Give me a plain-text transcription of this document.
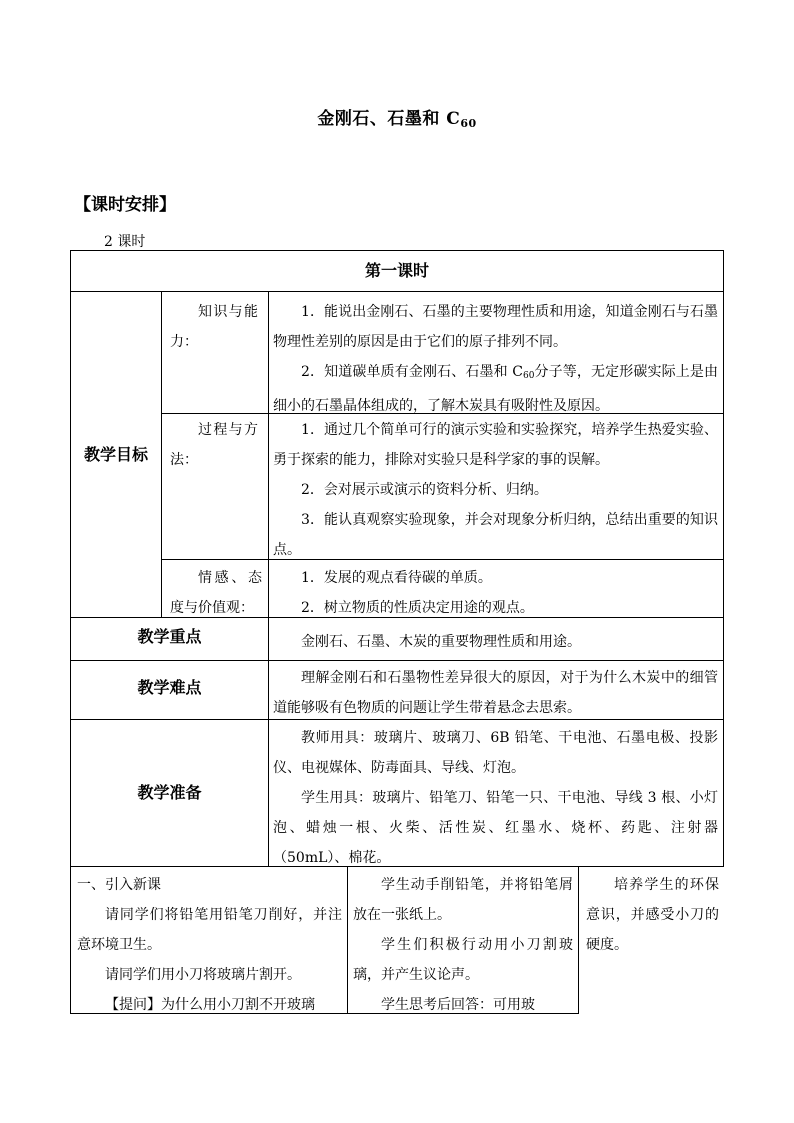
金刚石、石墨和 $C_{60}$
【课时安排】
2 课时
第一课时
教学目标
知识与能力：

1．能说出金刚石、石墨的主要物理性质和用途，知道金刚石与石墨物理性差别的原因是由于它们的原子排列不同。

2．知道碳单质有金刚石、石墨和 $C_{60}$分子等，无定形碳实际上是由细小的石墨晶体组成的，了解木炭具有吸附性及原因。

过程与方法：

1．通过几个简单可行的演示实验和实验探究，培养学生热爱实验、勇于探索的能力，排除对实验只是科学家的事的误解。

2．会对展示或演示的资料分析、归纳。

3．能认真观察实验现象，并会对现象分析归纳，总结出重要的知识点。

情感、态度与价值观：

1．发展的观点看待碳的单质。

2．树立物质的性质决定用途的观点。

教学重点	金刚石、石墨、木炭的重要物理性质和用途。
教学难点	理解金刚石和石墨物性差异很大的原因，对于为什么木炭中的细管道能够吸有色物质的问题让学生带着悬念去思索。
教学准备

教师用具：玻璃片、玻璃刀、6B 铅笔、干电池、石墨电极、投影仪、电视媒体、防毒面具、导线、灯泡。

学生用具：玻璃片、铅笔刀、铅笔一只、干电池、导线 3 根、小灯泡、蜡烛一根、火柴、活性炭、红墨水、烧杯、药匙、注射器（50mL）、棉花。

一、引入新课

请同学们将铅笔用铅笔刀削好，并注意环境卫生。

请同学们用小刀将玻璃片割开。

【提问】为什么用小刀割不开玻璃

学生动手削铅笔，并将铅笔屑放在一张纸上。

学生们积极行动用小刀割玻璃，并产生议论声。

学生思考后回答：可用玻

培养学生的环保意识，并感受小刀的硬度。
